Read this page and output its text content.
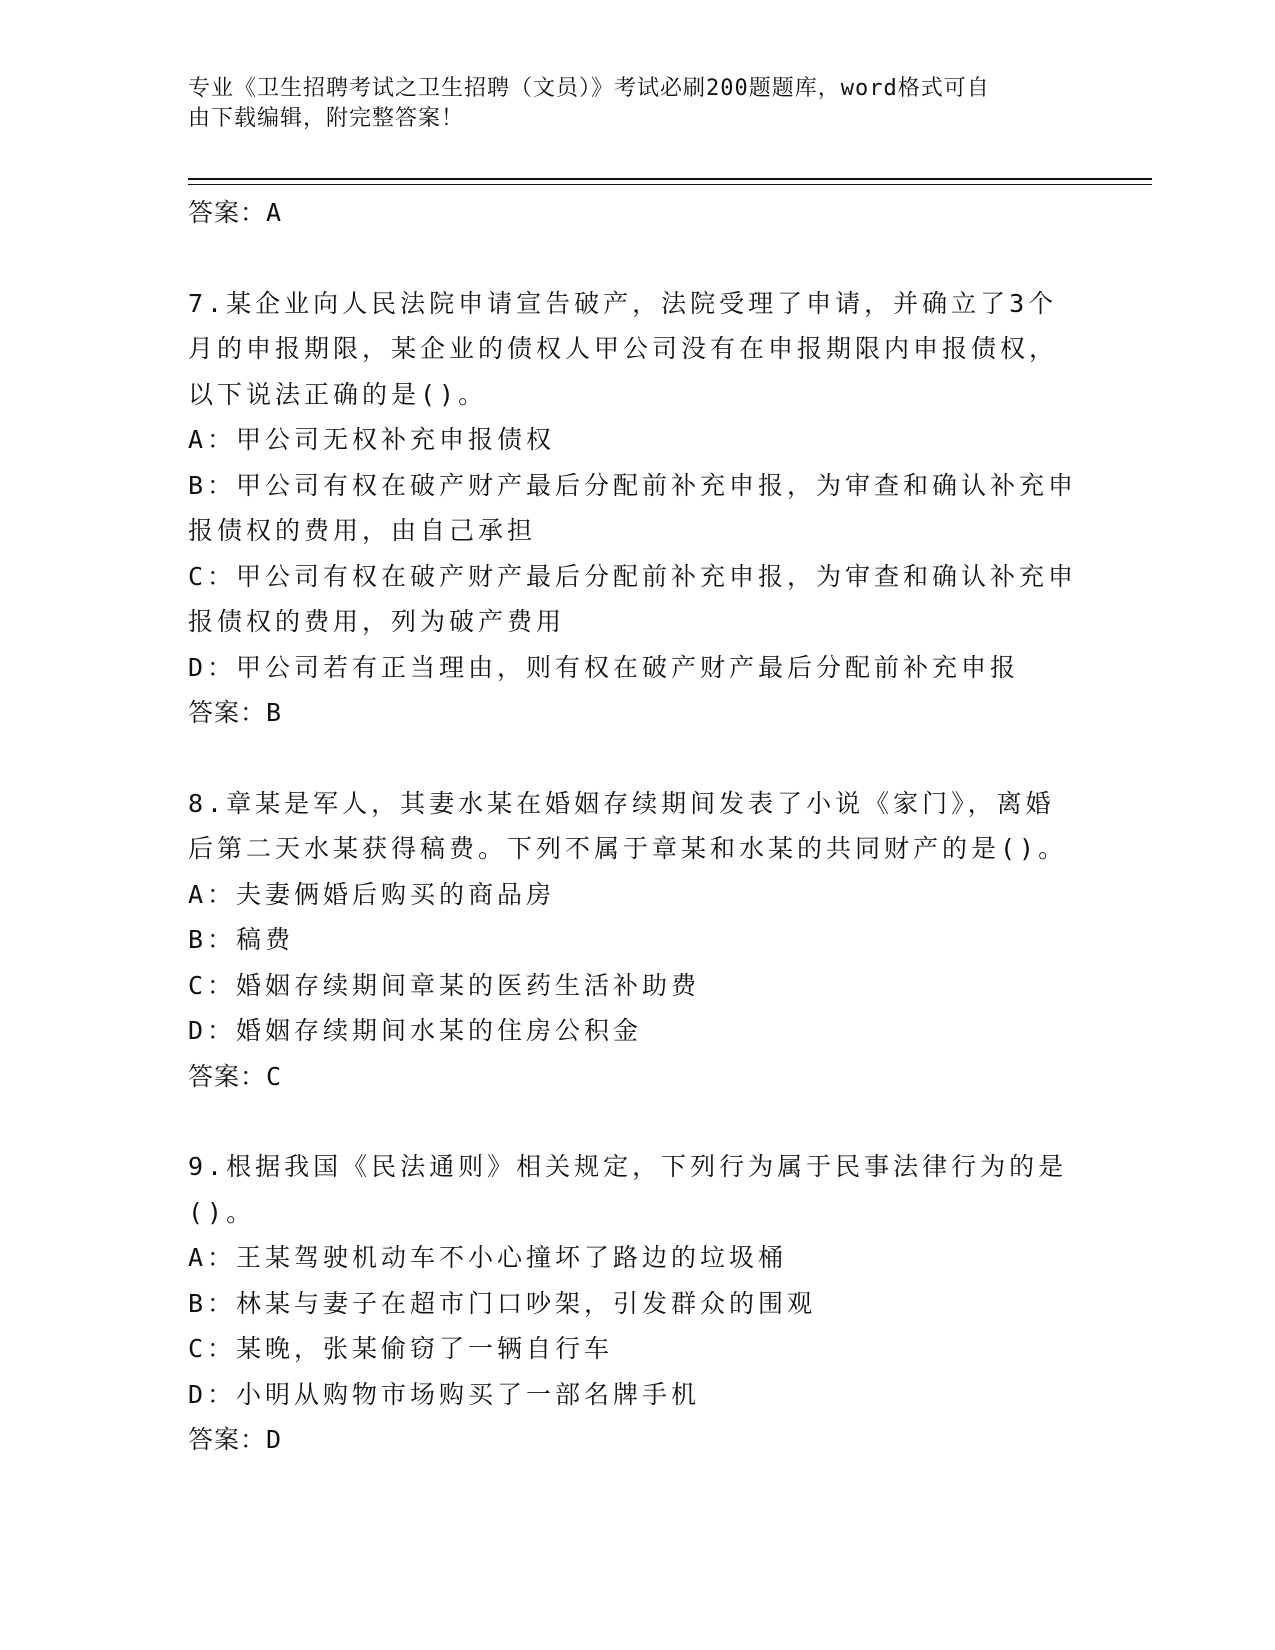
专业《卫生招聘考试之卫生招聘（文员）》考试必刷200题题库，word格式可自
由下载编辑，附完整答案！
答案：A
7.某企业向人民法院申请宣告破产，法院受理了申请，并确立了3个
月的申报期限，某企业的债权人甲公司没有在申报期限内申报债权，
以下说法正确的是()。
A：甲公司无权补充申报债权
B：甲公司有权在破产财产最后分配前补充申报，为审查和确认补充申
报债权的费用，由自己承担
C：甲公司有权在破产财产最后分配前补充申报，为审查和确认补充申
报债权的费用，列为破产费用
D：甲公司若有正当理由，则有权在破产财产最后分配前补充申报
答案：B
8.章某是军人，其妻水某在婚姻存续期间发表了小说《家门》，离婚
后第二天水某获得稿费。下列不属于章某和水某的共同财产的是()。
A：夫妻俩婚后购买的商品房
B：稿费
C：婚姻存续期间章某的医药生活补助费
D：婚姻存续期间水某的住房公积金
答案：C
9.根据我国《民法通则》相关规定，下列行为属于民事法律行为的是
()。
A：王某驾驶机动车不小心撞坏了路边的垃圾桶
B：林某与妻子在超市门口吵架，引发群众的围观
C：某晚，张某偷窃了一辆自行车
D：小明从购物市场购买了一部名牌手机
答案：D
